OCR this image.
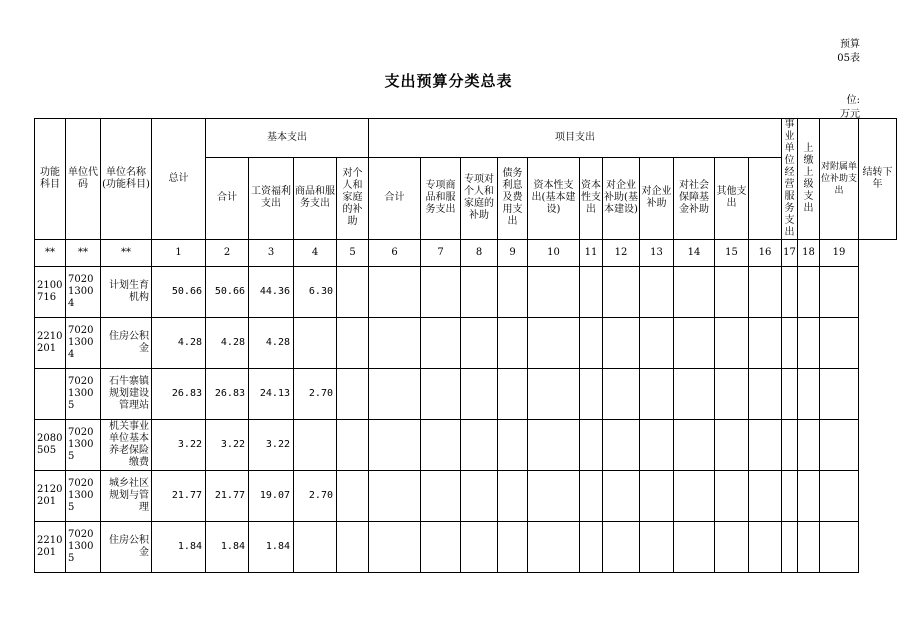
预算
05表
支出预算分类总表
位:
万元
功能科目	单位代码	单位名称(功能科目)	总计	基本支出				项目支出											事业单位经营服务支出	上缴上级支出	对附属单位补助支出	结转下年
				合计	工资福利支出	商品和服务支出	对个人和家庭的补助	合计	专项商品和服务支出	专项对个人和家庭的补助	债务利息及费用支出	资本性支出(基本建设)	资本性支出	对企业补助(基本建设)	对企业补助	对社会保障基金补助	其他支出					
**	**	**	1	2	3	4	5	6	7	8	9	10	11	12	13	14	15	16	17	18	19	
2100716	702013004	计划生育机构	50.66	50.66	44.36	6.30																
2210201	702013004	住房公积金	4.28	4.28	4.28																	
	702013005	石牛寨镇规划建设管理站	26.83	26.83	24.13	2.70																
2080505	702013005	机关事业单位基本养老保险缴费	3.22	3.22	3.22																	
2120201	702013005	城乡社区规划与管理	21.77	21.77	19.07	2.70																
2210201	702013005	住房公积金	1.84	1.84	1.84																	
